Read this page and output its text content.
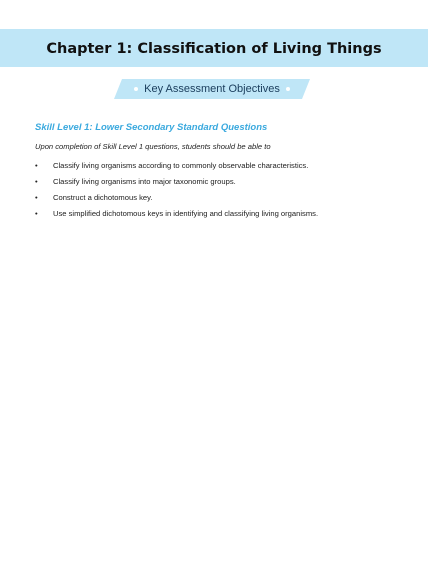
Chapter 1: Classification of Living Things
Key Assessment Objectives
Skill Level 1: Lower Secondary Standard Questions

Upon completion of Skill Level 1 questions, students should be able to

•	Classify living organisms according to commonly observable characteristics.
•	Classify living organisms into major taxonomic groups.
•	Construct a dichotomous key.
•	Use simplified dichotomous keys in identifying and classifying living organisms.
